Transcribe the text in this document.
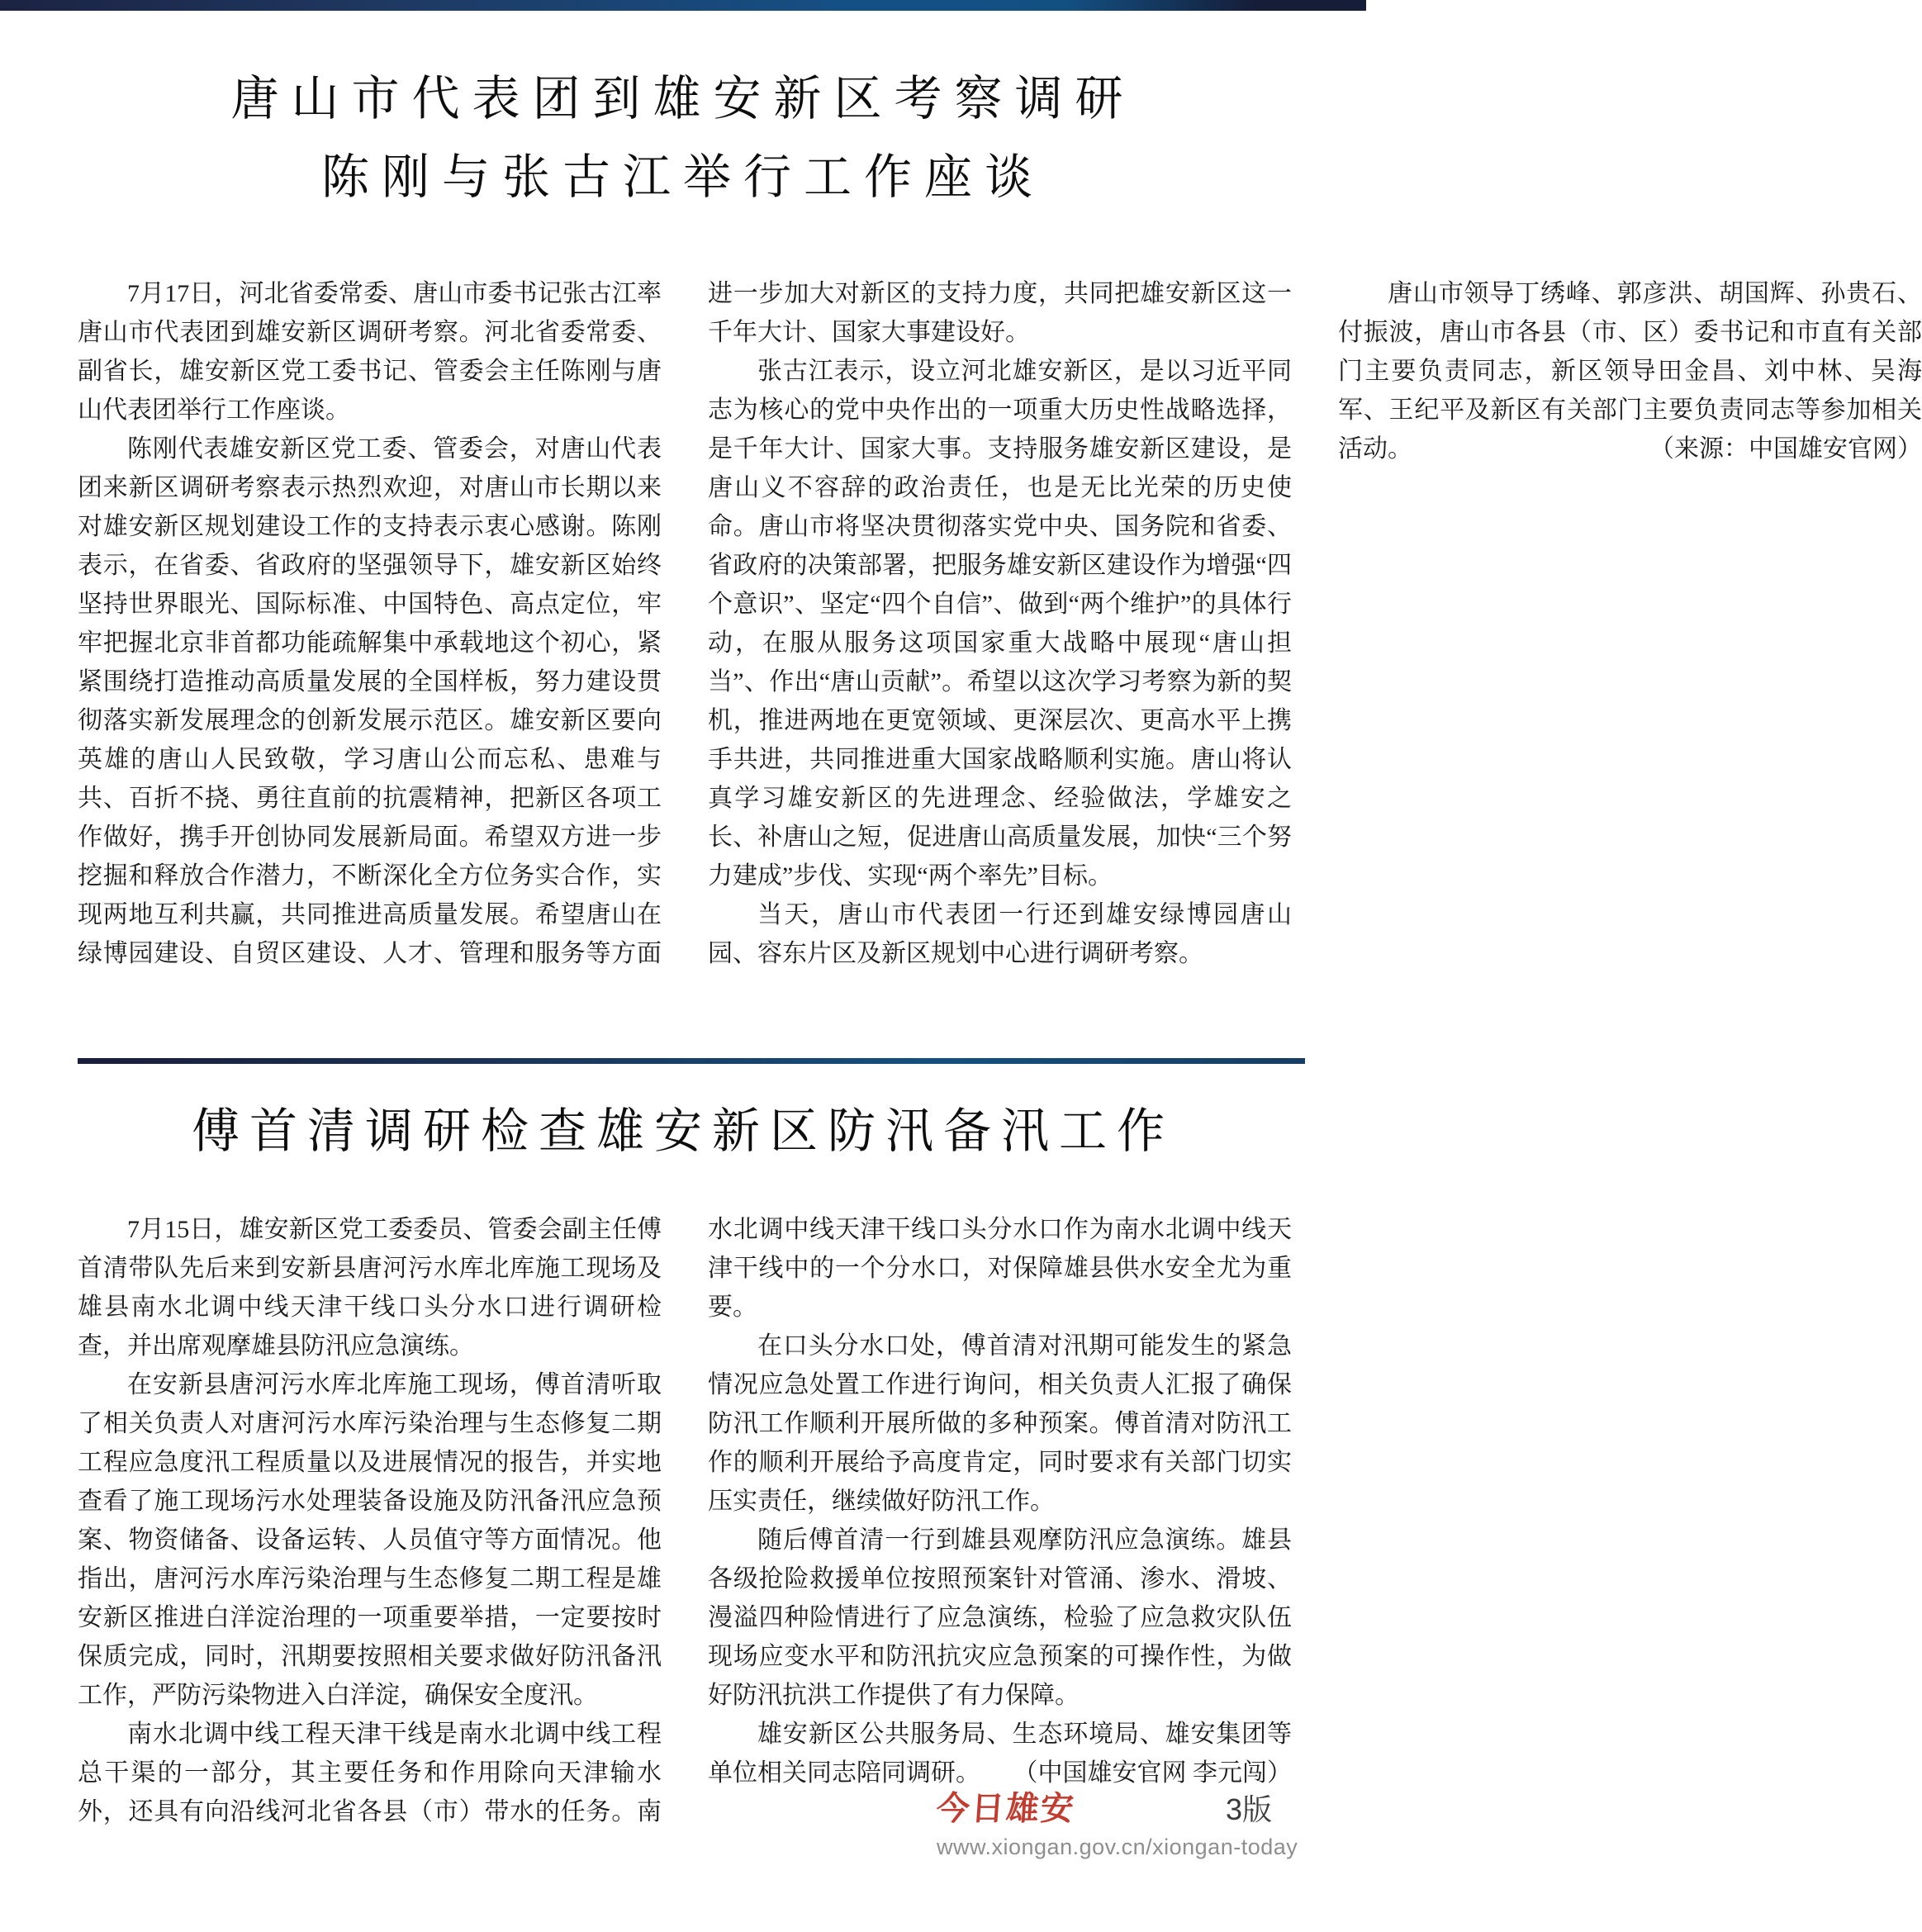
唐山市代表团到雄安新区考察调研
陈刚与张古江举行工作座谈

7月17日，河北省委常委、唐山市委书记张古江率唐山市代表团到雄安新区调研考察。河北省委常委、副省长，雄安新区党工委书记、管委会主任陈刚与唐山代表团举行工作座谈。

陈刚代表雄安新区党工委、管委会，对唐山代表团来新区调研考察表示热烈欢迎，对唐山市长期以来对雄安新区规划建设工作的支持表示衷心感谢。陈刚表示，在省委、省政府的坚强领导下，雄安新区始终坚持世界眼光、国际标准、中国特色、高点定位，牢牢把握北京非首都功能疏解集中承载地这个初心，紧紧围绕打造推动高质量发展的全国样板，努力建设贯彻落实新发展理念的创新发展示范区。雄安新区要向英雄的唐山人民致敬，学习唐山公而忘私、患难与共、百折不挠、勇往直前的抗震精神，把新区各项工作做好，携手开创协同发展新局面。希望双方进一步挖掘和释放合作潜力，不断深化全方位务实合作，实现两地互利共赢，共同推进高质量发展。希望唐山在绿博园建设、自贸区建设、人才、管理和服务等方面进一步加大对新区的支持力度，共同把雄安新区这一千年大计、国家大事建设好。

张古江表示，设立河北雄安新区，是以习近平同志为核心的党中央作出的一项重大历史性战略选择，是千年大计、国家大事。支持服务雄安新区建设，是唐山义不容辞的政治责任，也是无比光荣的历史使命。唐山市将坚决贯彻落实党中央、国务院和省委、省政府的决策部署，把服务雄安新区建设作为增强“四个意识”、坚定“四个自信”、做到“两个维护”的具体行动，在服从服务这项国家重大战略中展现“唐山担当”、作出“唐山贡献”。希望以这次学习考察为新的契机，推进两地在更宽领域、更深层次、更高水平上携手共进，共同推进重大国家战略顺利实施。唐山将认真学习雄安新区的先进理念、经验做法，学雄安之长、补唐山之短，促进唐山高质量发展，加快“三个努力建成”步伐、实现“两个率先”目标。

当天，唐山市代表团一行还到雄安绿博园唐山园、容东片区及新区规划中心进行调研考察。

唐山市领导丁绣峰、郭彦洪、胡国辉、孙贵石、付振波，唐山市各县（市、区）委书记和市直有关部门主要负责同志，新区领导田金昌、刘中林、吴海军、王纪平及新区有关部门主要负责同志等参加相关活动。	（来源：中国雄安官网）

傅首清调研检查雄安新区防汛备汛工作

7月15日，雄安新区党工委委员、管委会副主任傅首清带队先后来到安新县唐河污水库北库施工现场及雄县南水北调中线天津干线口头分水口进行调研检查，并出席观摩雄县防汛应急演练。

在安新县唐河污水库北库施工现场，傅首清听取了相关负责人对唐河污水库污染治理与生态修复二期工程应急度汛工程质量以及进展情况的报告，并实地查看了施工现场污水处理装备设施及防汛备汛应急预案、物资储备、设备运转、人员值守等方面情况。他指出，唐河污水库污染治理与生态修复二期工程是雄安新区推进白洋淀治理的一项重要举措，一定要按时保质完成，同时，汛期要按照相关要求做好防汛备汛工作，严防污染物进入白洋淀，确保安全度汛。

南水北调中线工程天津干线是南水北调中线工程总干渠的一部分，其主要任务和作用除向天津输水外，还具有向沿线河北省各县（市）带水的任务。南水北调中线天津干线口头分水口作为南水北调中线天津干线中的一个分水口，对保障雄县供水安全尤为重要。

在口头分水口处，傅首清对汛期可能发生的紧急情况应急处置工作进行询问，相关负责人汇报了确保防汛工作顺利开展所做的多种预案。傅首清对防汛工作的顺利开展给予高度肯定，同时要求有关部门切实压实责任，继续做好防汛工作。

随后傅首清一行到雄县观摩防汛应急演练。雄县各级抢险救援单位按照预案针对管涌、渗水、滑坡、漫溢四种险情进行了应急演练，检验了应急救灾队伍现场应变水平和防汛抗灾应急预案的可操作性，为做好防汛抗洪工作提供了有力保障。

雄安新区公共服务局、生态环境局、雄安集团等单位相关同志陪同调研。 （中国雄安官网 李元闯）

今日雄安	3版
www.xiongan.gov.cn/xiongan-today
